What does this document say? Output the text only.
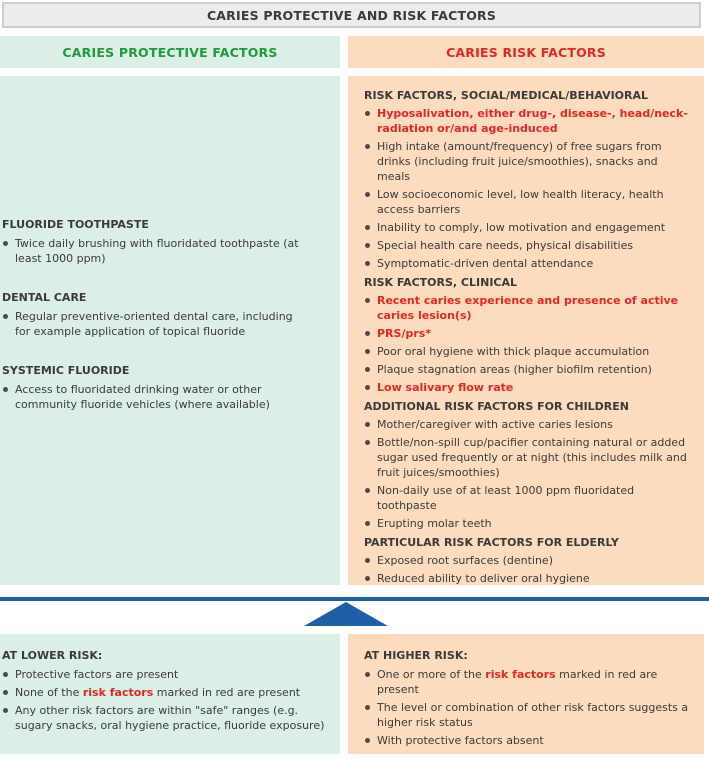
CARIES PROTECTIVE AND RISK FACTORS
CARIES PROTECTIVE FACTORS	CARIES RISK FACTORS
FLUORIDE TOOTHPASTE
Twice daily brushing with fluoridated toothpaste (at least 1000 ppm)
DENTAL CARE
Regular preventive-oriented dental care, including for example application of topical fluoride
SYSTEMIC FLUORIDE
Access to fluoridated drinking water or other community fluoride vehicles (where available)
RISK FACTORS, SOCIAL/MEDICAL/BEHAVIORAL
Hyposalivation, either drug-, disease-, head/neck-radiation or/and age-induced
High intake (amount/frequency) of free sugars from drinks (including fruit juice/smoothies), snacks and meals
Low socioeconomic level, low health literacy, health access barriers
Inability to comply, low motivation and engagement
Special health care needs, physical disabilities
Symptomatic-driven dental attendance
RISK FACTORS, CLINICAL
Recent caries experience and presence of active caries lesion(s)
PRS/prs*
Poor oral hygiene with thick plaque accumulation
Plaque stagnation areas (higher biofilm retention)
Low salivary flow rate
ADDITIONAL RISK FACTORS FOR CHILDREN
Mother/caregiver with active caries lesions
Bottle/non-spill cup/pacifier containing natural or added sugar used frequently or at night (this includes milk and fruit juices/smoothies)
Non-daily use of at least 1000 ppm fluoridated toothpaste
Erupting molar teeth
PARTICULAR RISK FACTORS FOR ELDERLY
Exposed root surfaces (dentine)
Reduced ability to deliver oral hygiene
AT LOWER RISK:
Protective factors are present
None of the risk factors marked in red are present
Any other risk factors are within "safe" ranges (e.g. sugary snacks, oral hygiene practice, fluoride exposure)
AT HIGHER RISK:
One or more of the risk factors marked in red are present
The level or combination of other risk factors suggests a higher risk status
With protective factors absent
